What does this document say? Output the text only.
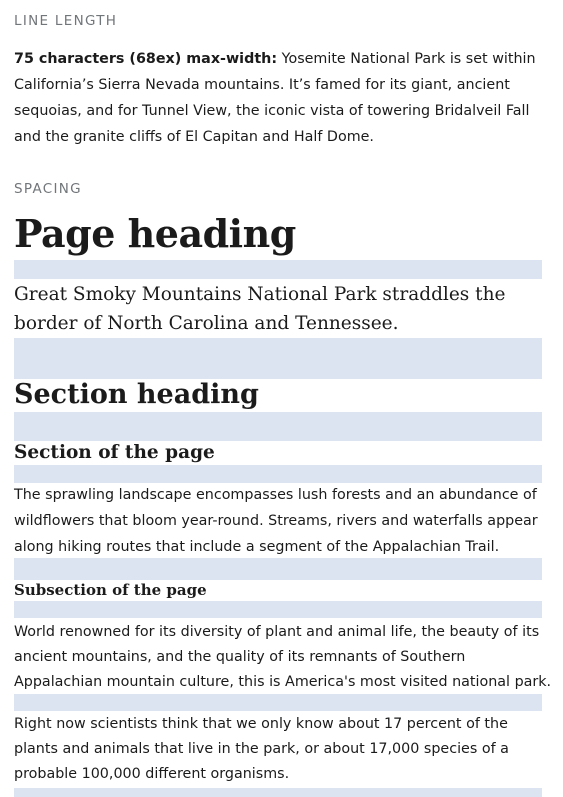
LINE LENGTH
75 characters (68ex) max-width: Yosemite National Park is set within
California’s Sierra Nevada mountains. It’s famed for its giant, ancient
sequoias, and for Tunnel View, the iconic vista of towering Bridalveil Fall
and the granite cliffs of El Capitan and Half Dome.
SPACING
Page heading
Great Smoky Mountains National Park straddles the
border of North Carolina and Tennessee.
Section heading
Section of the page
The sprawling landscape encompasses lush forests and an abundance of
wildflowers that bloom year-round. Streams, rivers and waterfalls appear
along hiking routes that include a segment of the Appalachian Trail.
Subsection of the page
World renowned for its diversity of plant and animal life, the beauty of its
ancient mountains, and the quality of its remnants of Southern
Appalachian mountain culture, this is America's most visited national park.
Right now scientists think that we only know about 17 percent of the
plants and animals that live in the park, or about 17,000 species of a
probable 100,000 different organisms.
